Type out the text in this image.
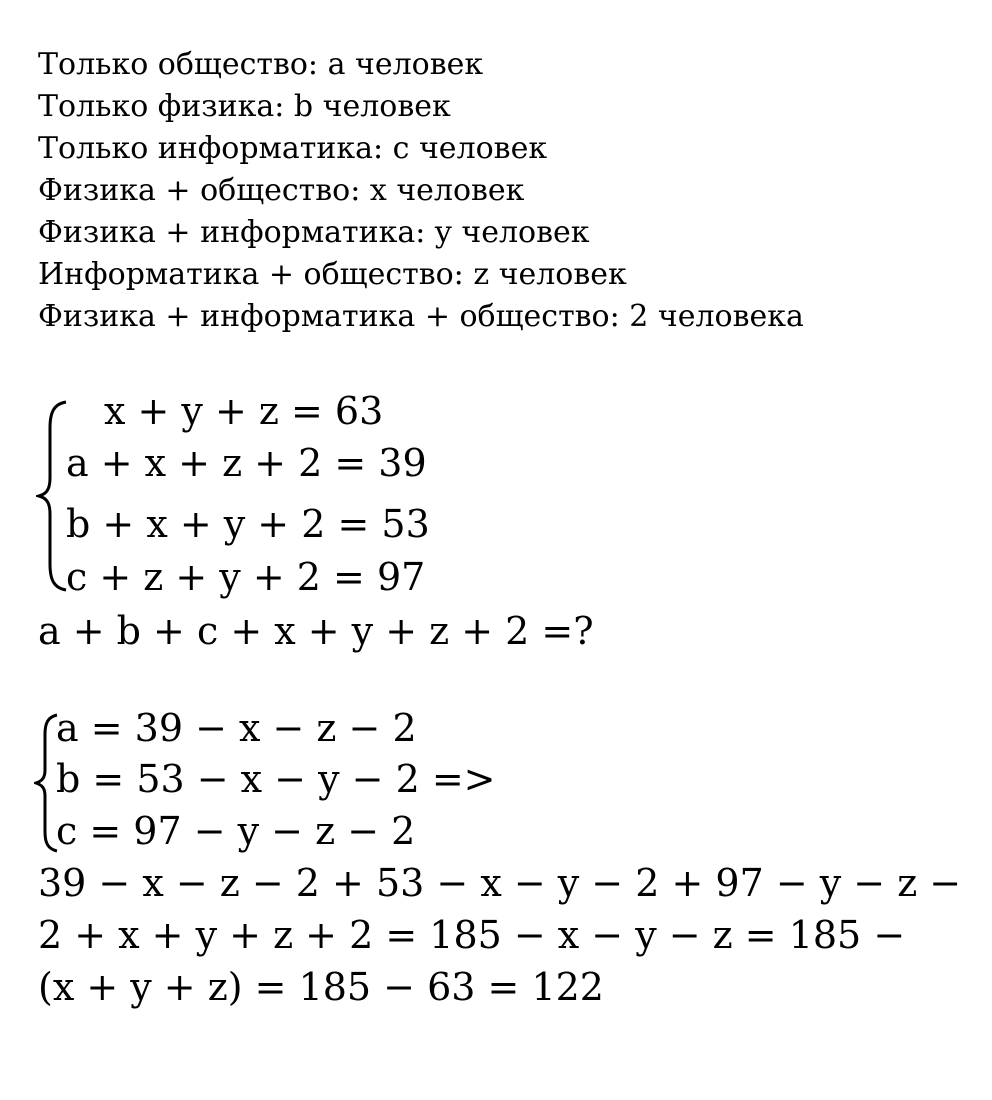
Только общество: a человек
Только физика: b человек
Только информатика: c человек
Физика + общество: x человек
Физика + информатика: y человек
Информатика + общество: z человек
Физика + информатика + общество: 2 человека
x + y + z = 63
a + x + z + 2 = 39
b + x + y + 2 = 53
c + z + y + 2 = 97
a + b + c + x + y + z + 2 =?
a = 39 − x − z − 2
b = 53 − x − y − 2 =>
c = 97 − y − z − 2
39 − x − z − 2 + 53 − x − y − 2 + 97 − y − z −
2 + x + y + z + 2 = 185 − x − y − z = 185 −
(x + y + z) = 185 − 63 = 122
